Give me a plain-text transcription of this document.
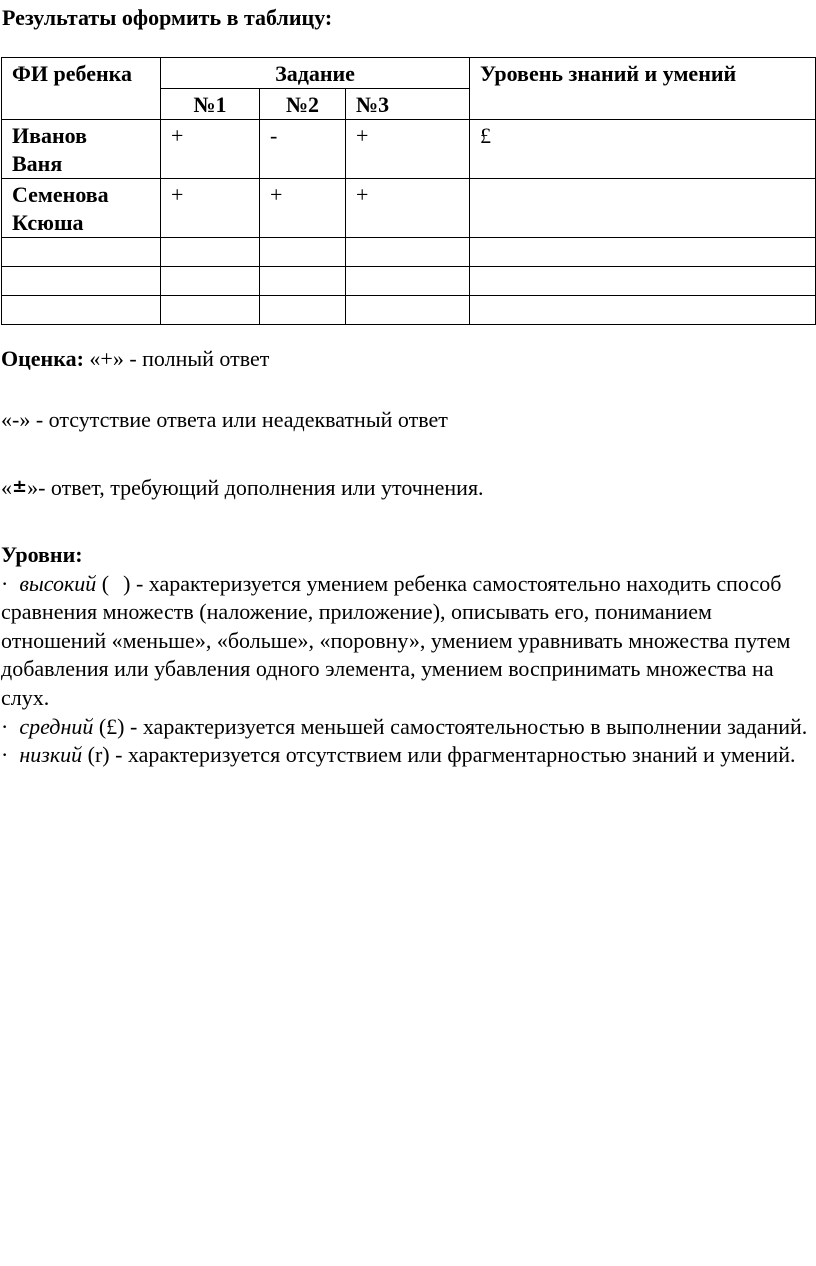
Результаты оформить в таблицу:
ФИ ребенка	Задание			Уровень знаний и умений
	№1	№2	№3	
Иванов
Ваня	+	-	+	£
Семенова
Ксюша	+	+	+	

Оценка: «+» - полный ответ
«-» - отсутствие ответа или неадекватный ответ
«±»- ответ, требующий дополнения или уточнения.

Уровни:

· высокий ( ) - характеризуется умением ребенка самостоятельно находить способ сравнения множеств (наложение, приложение), описывать его, пониманием отношений «меньше», «больше», «поровну», умением уравнивать множества путем добавления или убавления одного элемента, умением воспринимать множества на слух.

· средний (£) - характеризуется меньшей самостоятельностью в выполнении заданий.

· низкий (r) - характеризуется отсутствием или фрагментарностью знаний и умений.
